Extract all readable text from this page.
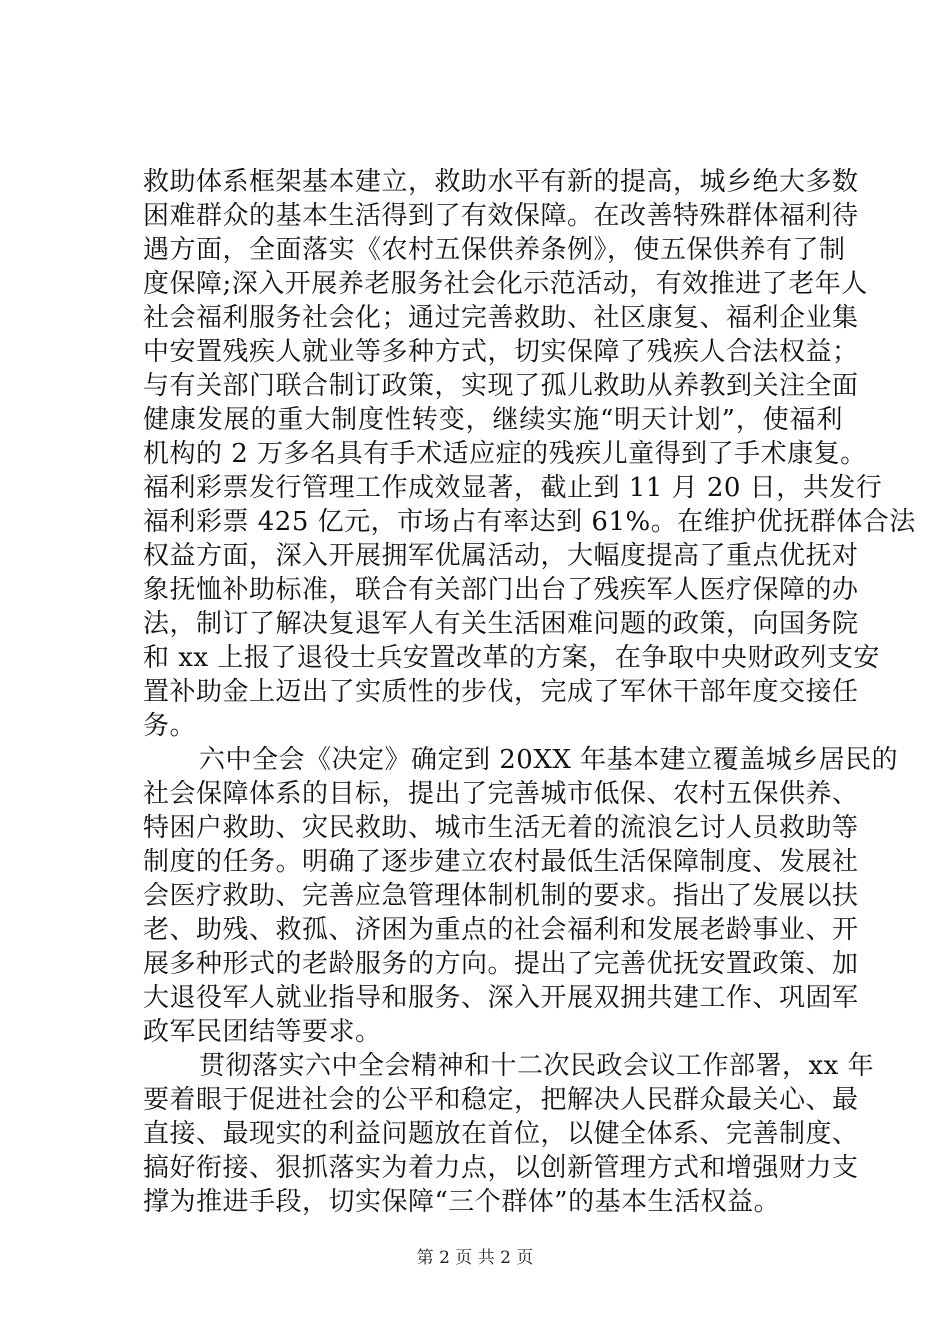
救助体系框架基本建立，救助水平有新的提高，城乡绝大多数
困难群众的基本生活得到了有效保障。在改善特殊群体福利待
遇方面，全面落实《农村五保供养条例》，使五保供养有了制
度保障;深入开展养老服务社会化示范活动，有效推进了老年人
社会福利服务社会化；通过完善救助、社区康复、福利企业集
中安置残疾人就业等多种方式，切实保障了残疾人合法权益；
与有关部门联合制订政策，实现了孤儿救助从养教到关注全面
健康发展的重大制度性转变，继续实施“明天计划”，使福利
机构的 2 万多名具有手术适应症的残疾儿童得到了手术康复。
福利彩票发行管理工作成效显著，截止到 11 月 20 日，共发行
福利彩票 425 亿元，市场占有率达到 61%。在维护优抚群体合法
权益方面，深入开展拥军优属活动，大幅度提高了重点优抚对
象抚恤补助标准，联合有关部门出台了残疾军人医疗保障的办
法，制订了解决复退军人有关生活困难问题的政策，向国务院
和 xx 上报了退役士兵安置改革的方案，在争取中央财政列支安
置补助金上迈出了实质性的步伐，完成了军休干部年度交接任
务。
六中全会《决定》确定到 20XX 年基本建立覆盖城乡居民的
社会保障体系的目标，提出了完善城市低保、农村五保供养、
特困户救助、灾民救助、城市生活无着的流浪乞讨人员救助等
制度的任务。明确了逐步建立农村最低生活保障制度、发展社
会医疗救助、完善应急管理体制机制的要求。指出了发展以扶
老、助残、救孤、济困为重点的社会福利和发展老龄事业、开
展多种形式的老龄服务的方向。提出了完善优抚安置政策、加
大退役军人就业指导和服务、深入开展双拥共建工作、巩固军
政军民团结等要求。
贯彻落实六中全会精神和十二次民政会议工作部署，xx 年
要着眼于促进社会的公平和稳定，把解决人民群众最关心、最
直接、最现实的利益问题放在首位，以健全体系、完善制度、
搞好衔接、狠抓落实为着力点，以创新管理方式和增强财力支
撑为推进手段，切实保障“三个群体”的基本生活权益。
第 2 页 共 2 页
